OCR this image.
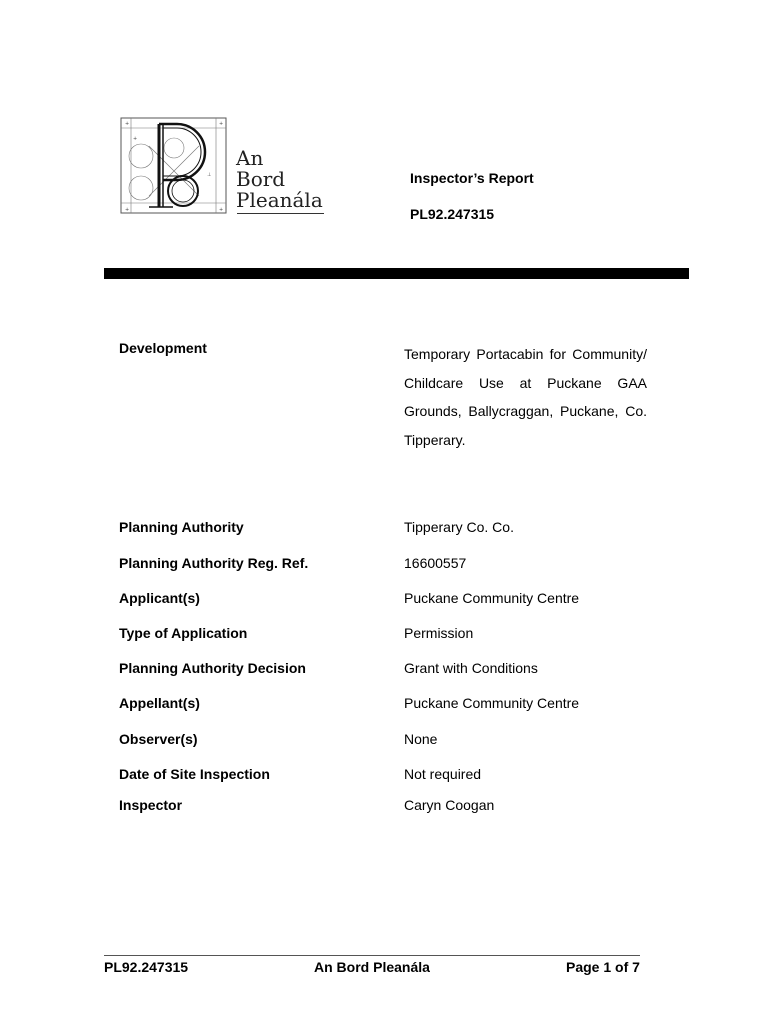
+	+
+	+
+
⊥
An
Bord
Pleanála
Inspector’s Report
PL92.247315
Development	Temporary Portacabin for Community/ Childcare Use at Puckane GAA Grounds, Ballycraggan, Puckane, Co. Tipperary.
Planning Authority	Tipperary Co. Co.
Planning Authority Reg. Ref.	16600557
Applicant(s)	Puckane Community Centre
Type of Application	Permission
Planning Authority Decision	Grant with Conditions
Appellant(s)	Puckane Community Centre
Observer(s)	None
Date of Site Inspection	Not required
Inspector	Caryn Coogan
PL92.247315	An Bord Pleanála	Page 1 of 7
